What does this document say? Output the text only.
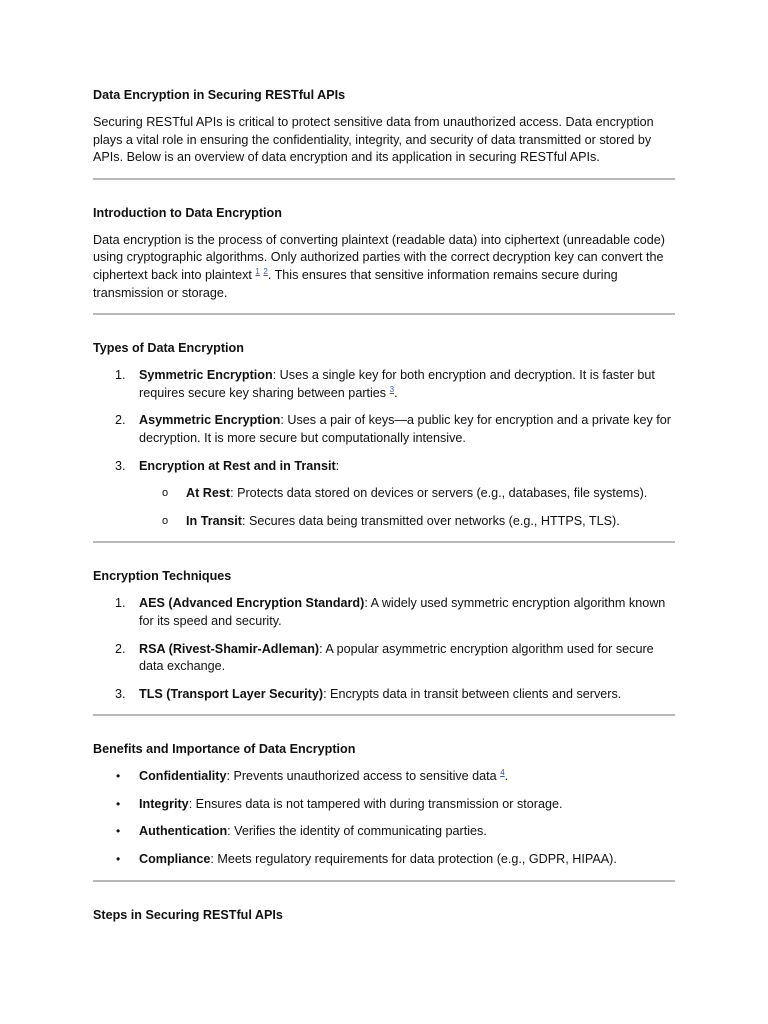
Data Encryption in Securing RESTful APIs

Securing RESTful APIs is critical to protect sensitive data from unauthorized access. Data encryption plays a vital role in ensuring the confidentiality, integrity, and security of data transmitted or stored by APIs. Below is an overview of data encryption and its application in securing RESTful APIs.

Introduction to Data Encryption

Data encryption is the process of converting plaintext (readable data) into ciphertext (unreadable code) using cryptographic algorithms. Only authorized parties with the correct decryption key can convert the ciphertext back into plaintext $^1$ $^2$. This ensures that sensitive information remains secure during transmission or storage.

Types of Data Encryption
1. Symmetric Encryption: Uses a single key for both encryption and decryption. It is faster but requires secure key sharing between parties $^3$.
2. Asymmetric Encryption: Uses a pair of keys—a public key for encryption and a private key for decryption. It is more secure but computationally intensive.
3. Encryption at Rest and in Transit:
o At Rest: Protects data stored on devices or servers (e.g., databases, file systems).
o In Transit: Secures data being transmitted over networks (e.g., HTTPS, TLS).
Encryption Techniques
1. AES (Advanced Encryption Standard): A widely used symmetric encryption algorithm known for its speed and security.
2. RSA (Rivest-Shamir-Adleman): A popular asymmetric encryption algorithm used for secure data exchange.
3. TLS (Transport Layer Security): Encrypts data in transit between clients and servers.
Benefits and Importance of Data Encryption
• Confidentiality: Prevents unauthorized access to sensitive data $^4$.
• Integrity: Ensures data is not tampered with during transmission or storage.
• Authentication: Verifies the identity of communicating parties.
• Compliance: Meets regulatory requirements for data protection (e.g., GDPR, HIPAA).
Steps in Securing RESTful APIs
